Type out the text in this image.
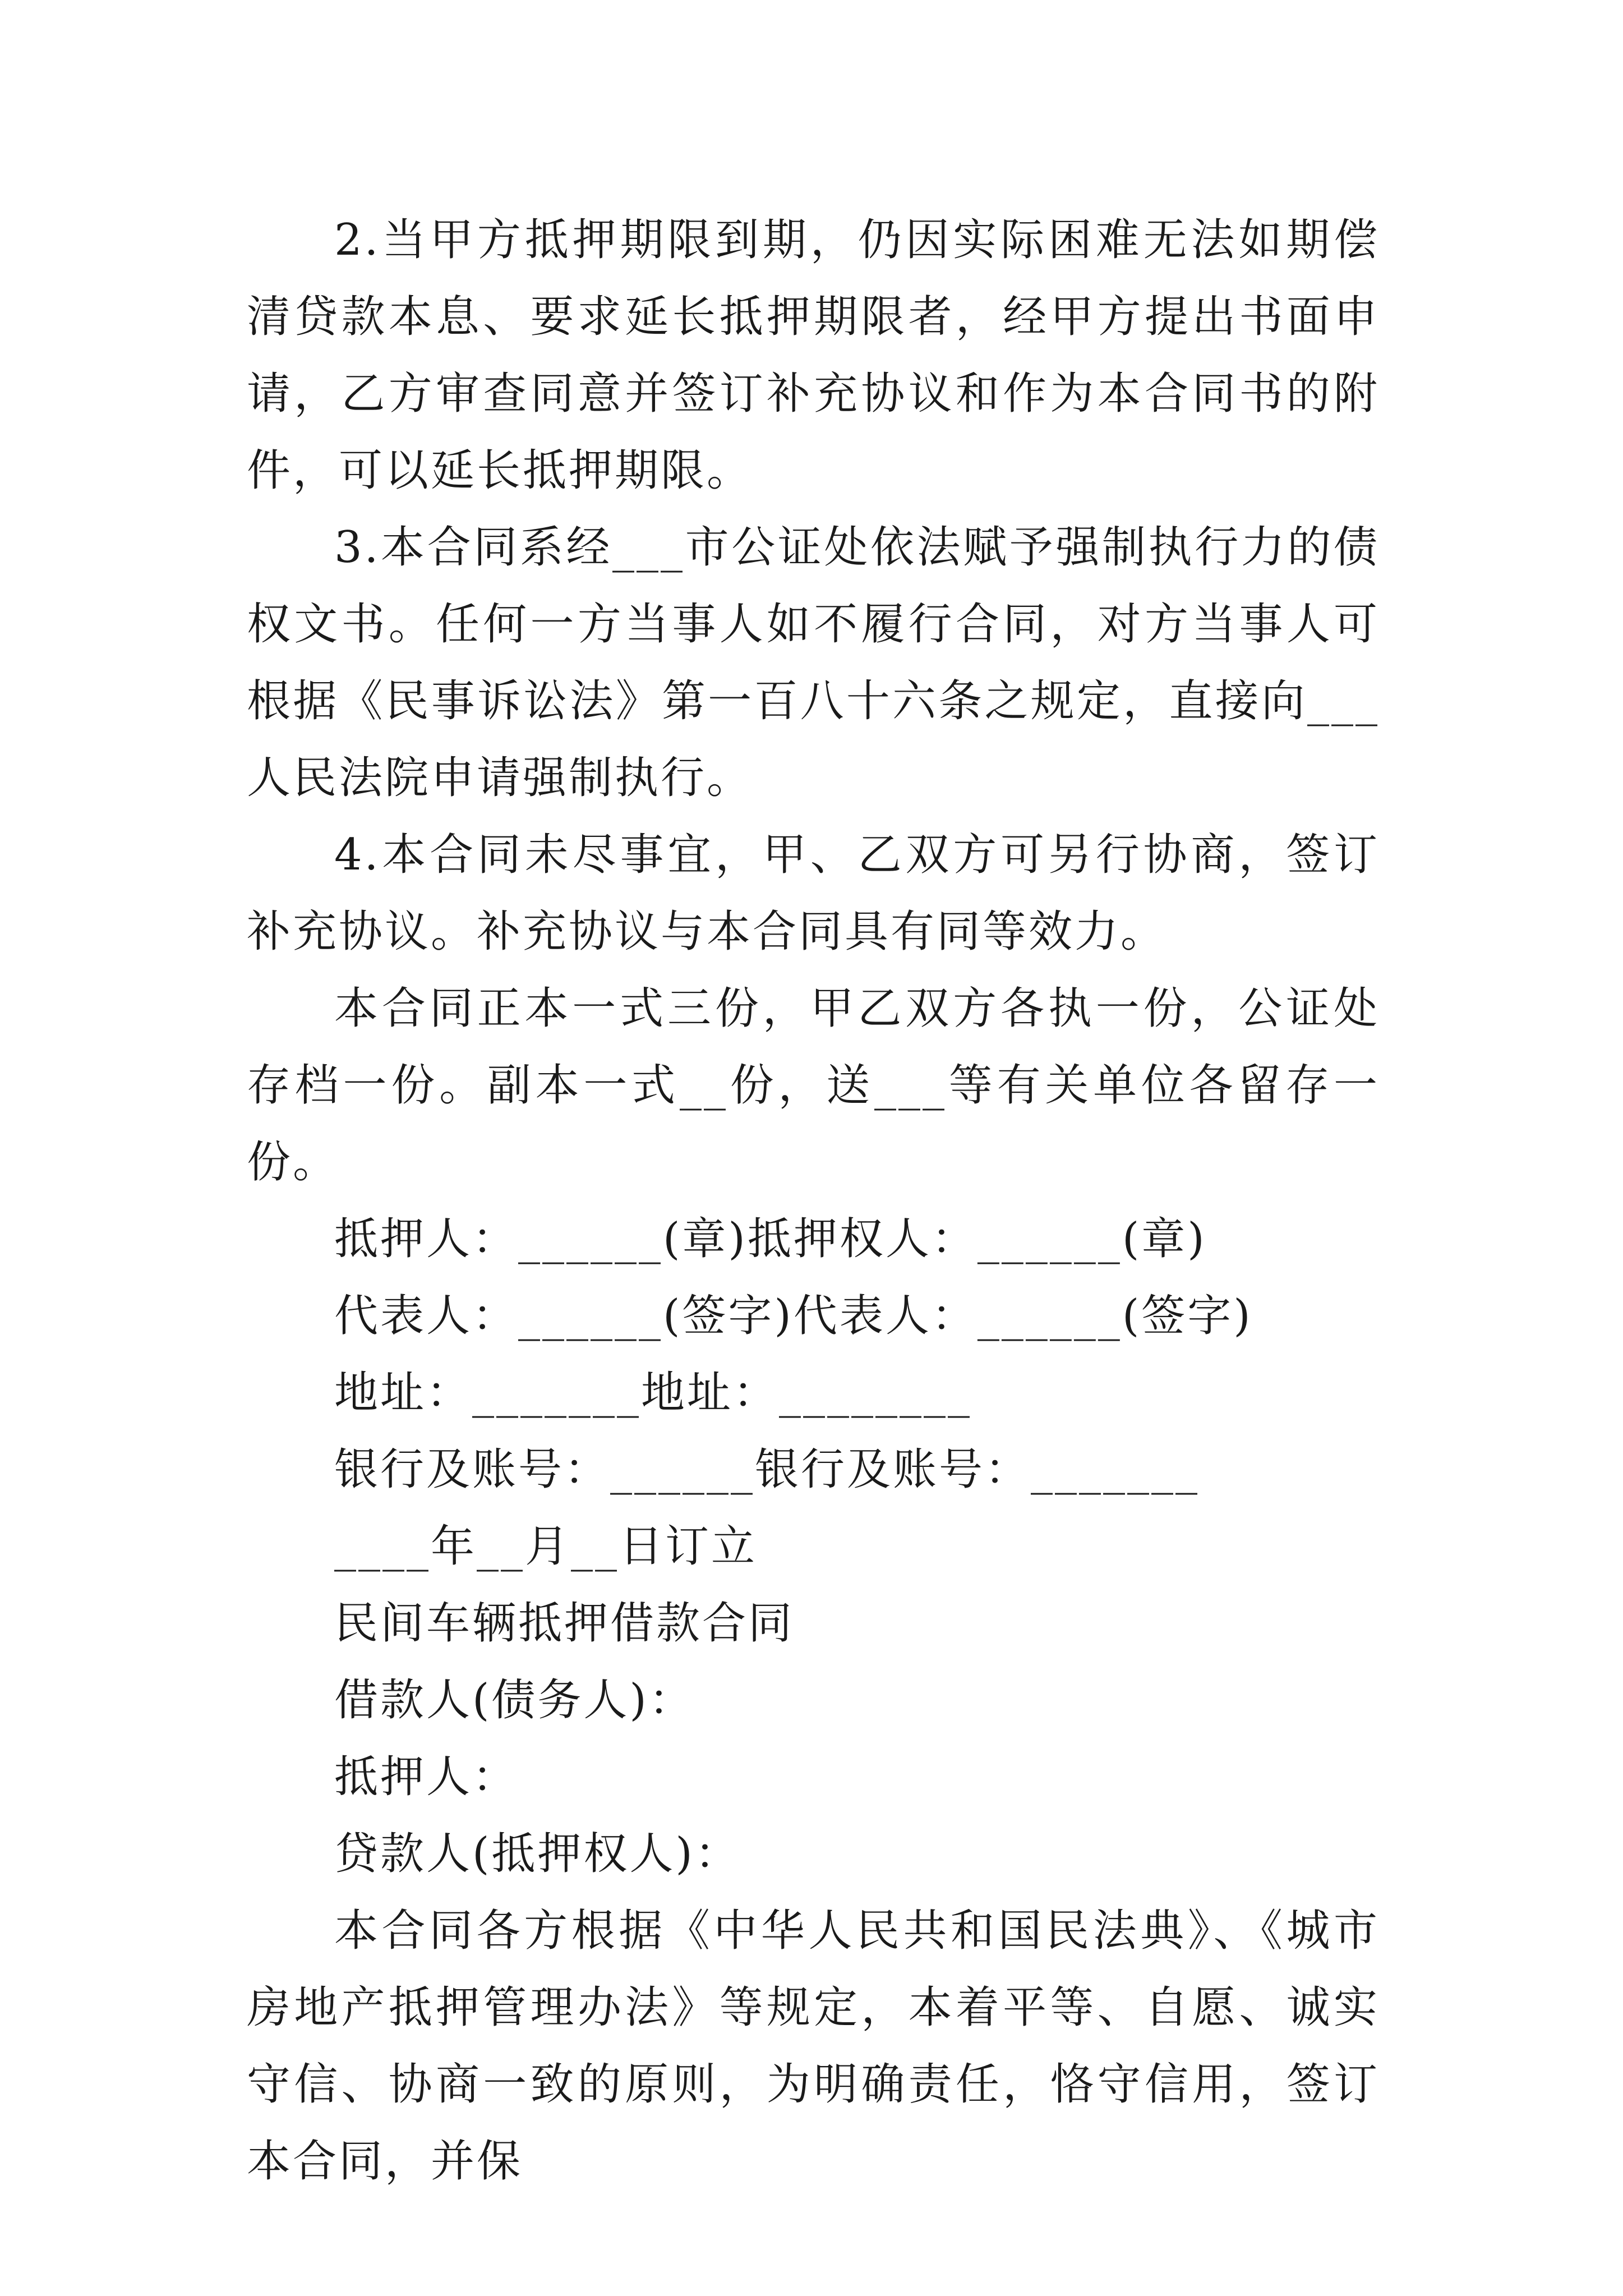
2.当甲方抵押期限到期，仍因实际困难无法如期偿清贷款本息、要求延长抵押期限者，经甲方提出书面申请，乙方审查同意并签订补充协议和作为本合同书的附件，可以延长抵押期限。

3.本合同系经___市公证处依法赋予强制执行力的债权文书。任何一方当事人如不履行合同，对方当事人可根据《民事诉讼法》第一百八十六条之规定，直接向___人民法院申请强制执行。

4.本合同未尽事宜，甲、乙双方可另行协商，签订补充协议。补充协议与本合同具有同等效力。

本合同正本一式三份，甲乙双方各执一份，公证处存档一份。副本一式__份，送___等有关单位各留存一份。

抵押人：______(章)抵押权人：______(章)

代表人：______(签字)代表人：______(签字)

地址：_______地址：________

银行及账号：______银行及账号：_______

____年__月__日订立

民间车辆抵押借款合同

借款人(债务人)：

抵押人：

贷款人(抵押权人)：

本合同各方根据《中华人民共和国民法典》、《城市房地产抵押管理办法》等规定，本着平等、自愿、诚实守信、协商一致的原则，为明确责任，恪守信用，签订本合同，并保
